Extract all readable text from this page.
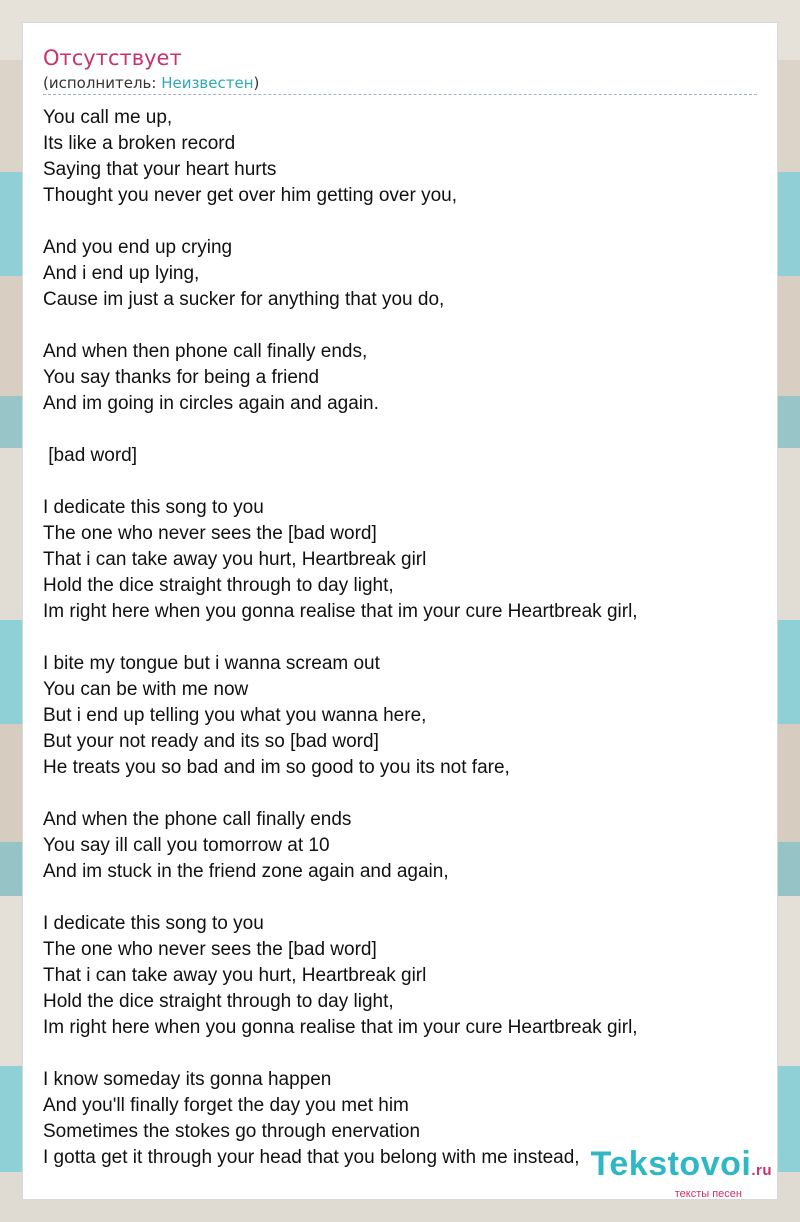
Отсутствует

(исполнитель: Неизвестен)

You call me up,
Its like a broken record
Saying that your heart hurts
Thought you never get over him getting over you,
And you end up crying
And i end up lying,
Cause im just a sucker for anything that you do,
And when then phone call finally ends,
You say thanks for being a friend
And im going in circles again and again.
[bad word]
I dedicate this song to you
The one who never sees the [bad word]
That i can take away you hurt, Heartbreak girl
Hold the dice straight through to day light,
Im right here when you gonna realise that im your cure Heartbreak girl,
I bite my tongue but i wanna scream out
You can be with me now
But i end up telling you what you wanna here,
But your not ready and its so [bad word]
He treats you so bad and im so good to you its not fare,
And when the phone call finally ends
You say ill call you tomorrow at 10
And im stuck in the friend zone again and again,
I dedicate this song to you
The one who never sees the [bad word]
That i can take away you hurt, Heartbreak girl
Hold the dice straight through to day light,
Im right here when you gonna realise that im your cure Heartbreak girl,
I know someday its gonna happen
And you'll finally forget the day you met him
Sometimes the stokes go through enervation
I gotta get it through your head that you belong with me instead, Tekstovoi.ru
тексты песен
